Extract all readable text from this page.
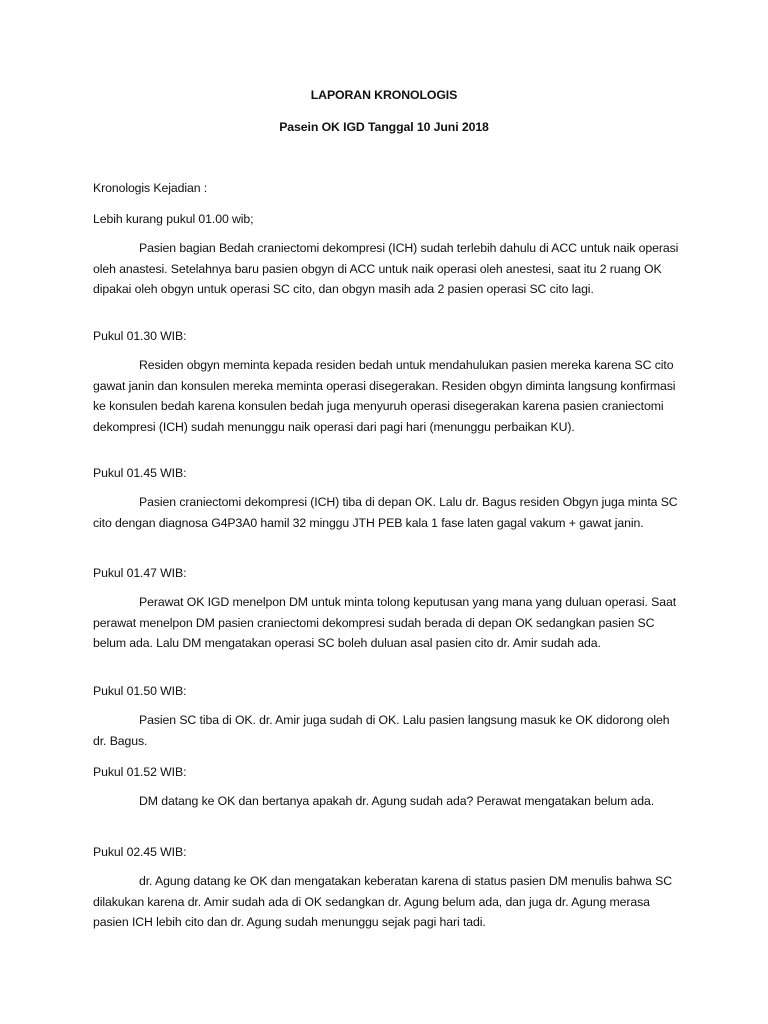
LAPORAN KRONOLOGIS

Pasein OK IGD Tanggal 10 Juni 2018

Kronologis Kejadian :

Lebih kurang pukul 01.00 wib;

Pasien bagian Bedah craniectomi dekompresi (ICH) sudah terlebih dahulu di ACC untuk naik operasi oleh anastesi. Setelahnya baru pasien obgyn di ACC untuk naik operasi oleh anestesi, saat itu 2 ruang OK dipakai oleh obgyn untuk operasi SC cito, dan obgyn masih ada 2 pasien operasi SC cito lagi.

Pukul 01.30 WIB:

Residen obgyn meminta kepada residen bedah untuk mendahulukan pasien mereka karena SC cito gawat janin dan konsulen mereka meminta operasi disegerakan. Residen obgyn diminta langsung konfirmasi ke konsulen bedah karena konsulen bedah juga menyuruh operasi disegerakan karena pasien craniectomi dekompresi (ICH) sudah menunggu naik operasi dari pagi hari (menunggu perbaikan KU).

Pukul 01.45 WIB:

Pasien craniectomi dekompresi (ICH) tiba di depan OK. Lalu dr. Bagus residen Obgyn juga minta SC cito dengan diagnosa G4P3A0 hamil 32 minggu JTH PEB kala 1 fase laten gagal vakum + gawat janin.

Pukul 01.47 WIB:

Perawat OK IGD menelpon DM untuk minta tolong keputusan yang mana yang duluan operasi. Saat perawat menelpon DM pasien craniectomi dekompresi sudah berada di depan OK sedangkan pasien SC belum ada. Lalu DM mengatakan operasi SC boleh duluan asal pasien cito dr. Amir sudah ada.

Pukul 01.50 WIB:

Pasien SC tiba di OK. dr. Amir juga sudah di OK. Lalu pasien langsung masuk ke OK didorong oleh dr. Bagus.

Pukul 01.52 WIB:

DM datang ke OK dan bertanya apakah dr. Agung sudah ada? Perawat mengatakan belum ada.

Pukul 02.45 WIB:

dr. Agung datang ke OK dan mengatakan keberatan karena di status pasien DM menulis bahwa SC dilakukan karena dr. Amir sudah ada di OK sedangkan dr. Agung belum ada, dan juga dr. Agung merasa pasien ICH lebih cito dan dr. Agung sudah menunggu sejak pagi hari tadi.
